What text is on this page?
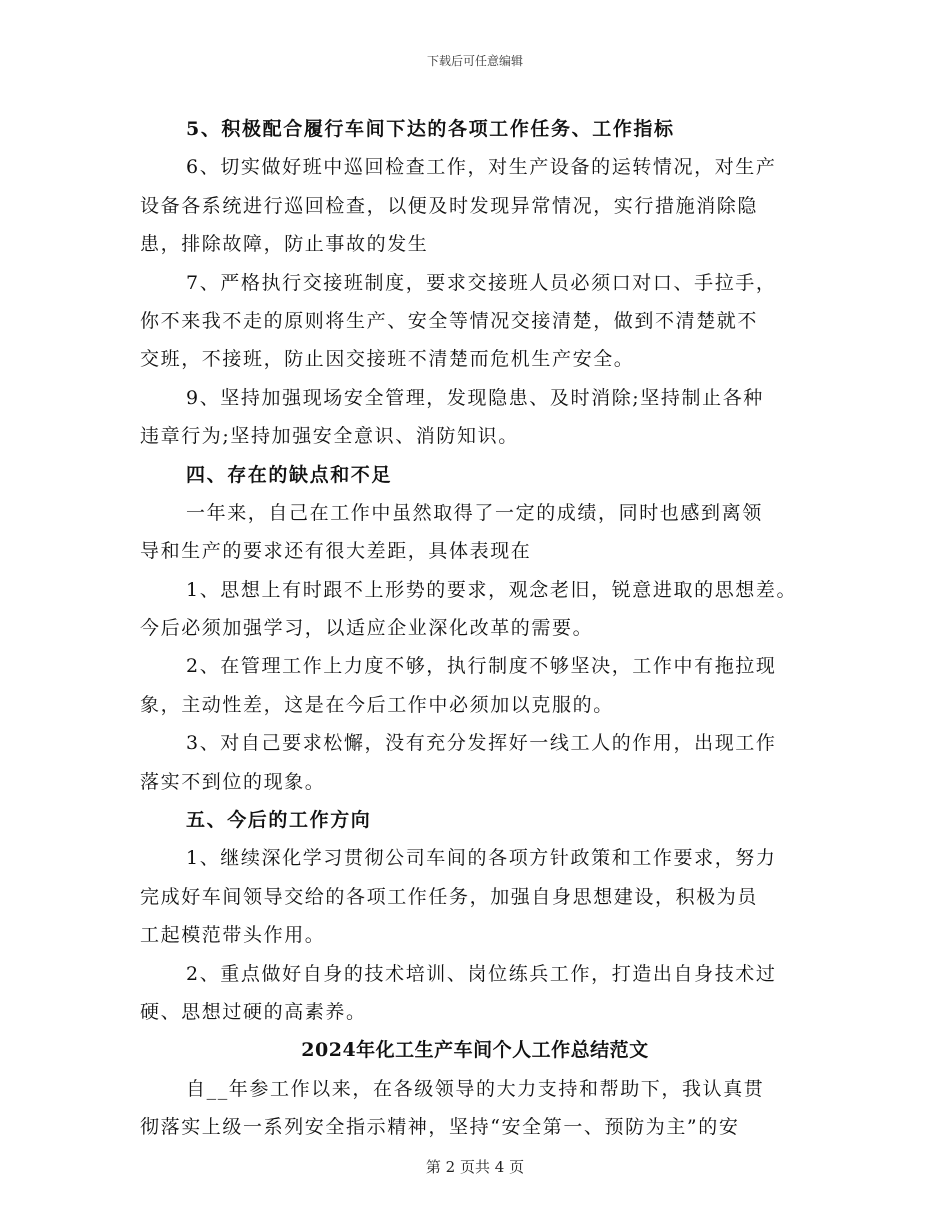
下载后可任意编辑
5、积极配合履行车间下达的各项工作任务、工作指标
6、切实做好班中巡回检查工作，对生产设备的运转情况，对生产
设备各系统进行巡回检查，以便及时发现异常情况，实行措施消除隐
患，排除故障，防止事故的发生
7、严格执行交接班制度，要求交接班人员必须口对口、手拉手，
你不来我不走的原则将生产、安全等情况交接清楚，做到不清楚就不
交班，不接班，防止因交接班不清楚而危机生产安全。
9、坚持加强现场安全管理，发现隐患、及时消除;坚持制止各种
违章行为;坚持加强安全意识、消防知识。
四、存在的缺点和不足
一年来，自己在工作中虽然取得了一定的成绩，同时也感到离领
导和生产的要求还有很大差距，具体表现在
1、思想上有时跟不上形势的要求，观念老旧，锐意进取的思想差。
今后必须加强学习，以适应企业深化改革的需要。
2、在管理工作上力度不够，执行制度不够坚决，工作中有拖拉现
象，主动性差，这是在今后工作中必须加以克服的。
3、对自己要求松懈，没有充分发挥好一线工人的作用，出现工作
落实不到位的现象。
五、今后的工作方向
1、继续深化学习贯彻公司车间的各项方针政策和工作要求，努力
完成好车间领导交给的各项工作任务，加强自身思想建设，积极为员
工起模范带头作用。
2、重点做好自身的技术培训、岗位练兵工作，打造出自身技术过
硬、思想过硬的高素养。
2024年化工生产车间个人工作总结范文
自__年参工作以来，在各级领导的大力支持和帮助下，我认真贯
彻落实上级一系列安全指示精神，坚持“安全第一、预防为主”的安
第 2 页共 4 页
